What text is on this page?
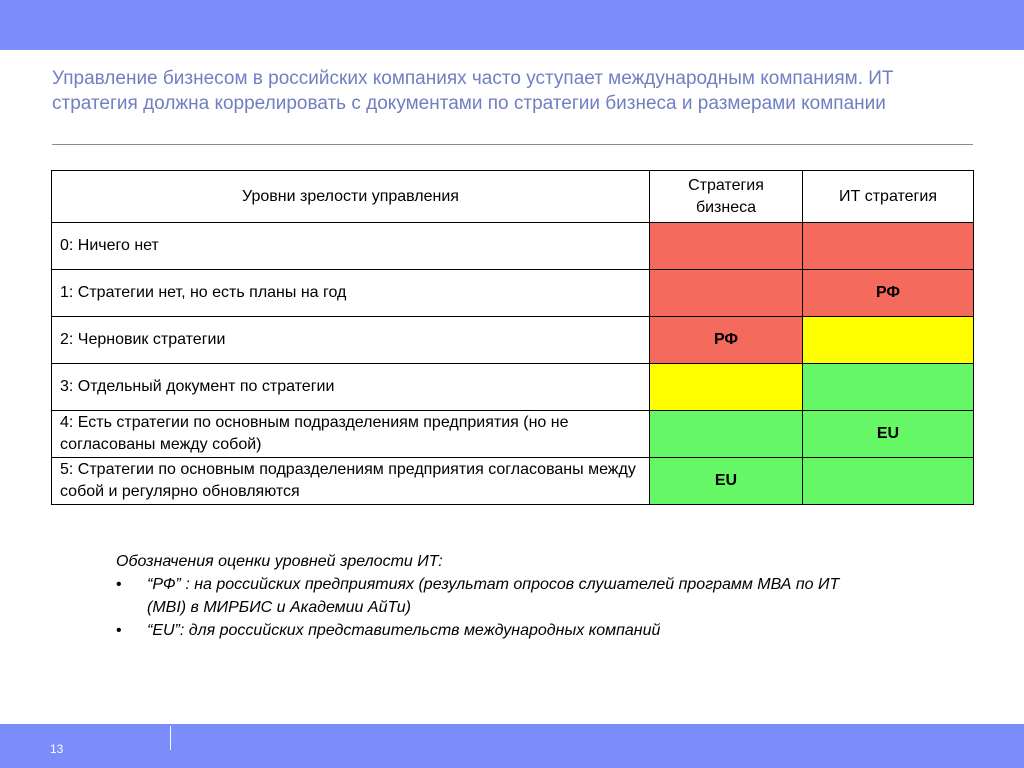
Управление бизнесом в российских компаниях часто уступает международным компаниям. ИТ стратегия должна коррелировать с документами по стратегии бизнеса и размерами компании
Уровни зрелости управления	Стратегия бизнеса	ИТ стратегия
0: Ничего нет		
1: Стратегии нет, но есть планы на год		РФ
2: Черновик стратегии	РФ	
3: Отдельный документ по стратегии		
4: Есть стратегии по основным подразделениям предприятия (но не согласованы между собой)		EU
5: Стратегии по основным подразделениям предприятия согласованы между собой и регулярно обновляются	EU	
Обозначения оценки уровней зрелости ИТ:
• “РФ” : на российских предприятиях (результат опросов слушателей программ МВА по ИТ (MBI) в МИРБИС и Академии АйТи)
• “EU”: для российских представительств международных компаний
13
